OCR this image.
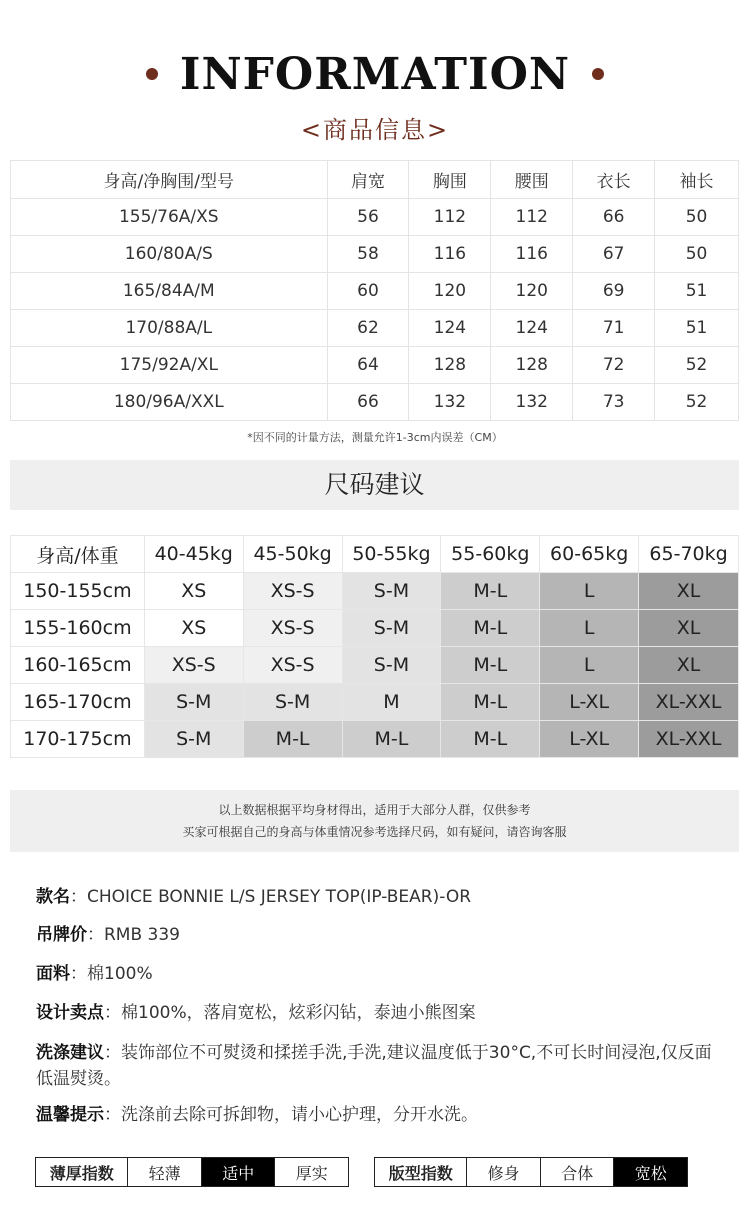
INFORMATION
<商品信息>
身高/净胸围/型号	肩宽	胸围	腰围	衣长	袖长
155/76A/XS	56	112	112	66	50
160/80A/S	58	116	116	67	50
165/84A/M	60	120	120	69	51
170/88A/L	62	124	124	71	51
175/92A/XL	64	128	128	72	52
180/96A/XXL	66	132	132	73	52
*因不同的计量方法，测量允许1-3cm内误差（CM）
尺码建议
身高/体重	40-45kg	45-50kg	50-55kg	55-60kg	60-65kg	65-70kg
150-155cm	XS	XS-S	S-M	M-L	L	XL
155-160cm	XS	XS-S	S-M	M-L	L	XL
160-165cm	XS-S	XS-S	S-M	M-L	L	XL
165-170cm	S-M	S-M	M	M-L	L-XL	XL-XXL
170-175cm	S-M	M-L	M-L	M-L	L-XL	XL-XXL
以上数据根据平均身材得出，适用于大部分人群，仅供参考
买家可根据自己的身高与体重情况参考选择尺码，如有疑问，请咨询客服
款名：CHOICE BONNIE L/S JERSEY TOP(IP-BEAR)-OR
吊牌价：RMB 339
面料：棉100%
设计卖点：棉100%，落肩宽松，炫彩闪钻，泰迪小熊图案
洗涤建议：装饰部位不可熨烫和揉搓手洗,手洗,建议温度低于30°C,不可长时间浸泡,仅反面低温熨烫。
温馨提示：洗涤前去除可拆卸物，请小心护理，分开水洗。
薄厚指数	轻薄	适中	厚实	版型指数	修身	合体	宽松
